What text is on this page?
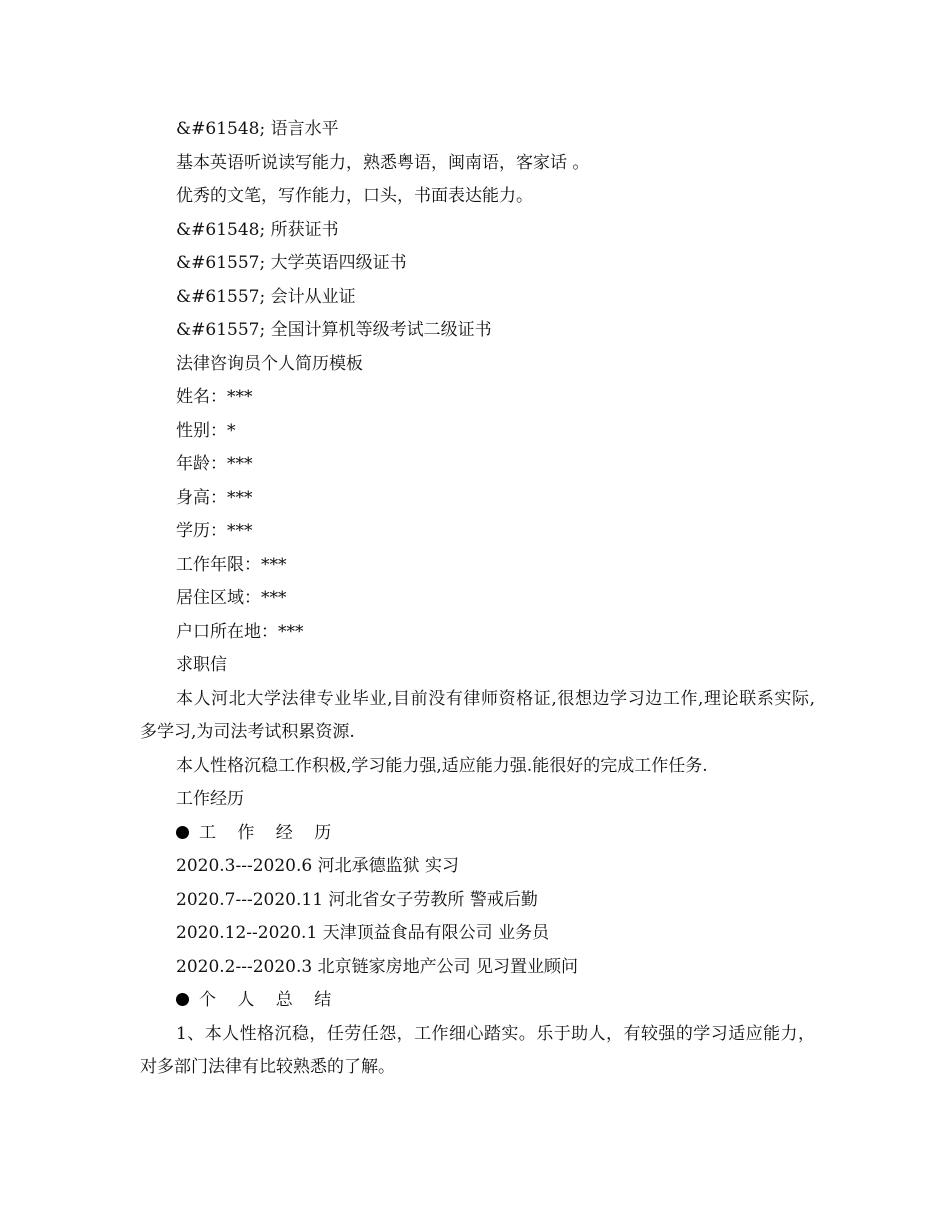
&#61548; 语言水平
基本英语听说读写能力，熟悉粤语，闽南语，客家话 。
优秀的文笔，写作能力，口头，书面表达能力。
&#61548; 所获证书
&#61557; 大学英语四级证书
&#61557; 会计从业证
&#61557; 全国计算机等级考试二级证书
法律咨询员个人简历模板
姓名：***
性别：*
年龄：***
身高：***
学历：***
工作年限：***
居住区域：***
户口所在地：***
求职信
本人河北大学法律专业毕业,目前没有律师资格证,很想边学习边工作,理论联系实际, 多学习,为司法考试积累资源.
本人性格沉稳工作积极,学习能力强,适应能力强.能很好的完成工作任务.
工作经历
工 作 经 历
2020.3---2020.6 河北承德监狱 实习
2020.7---2020.11 河北省女子劳教所 警戒后勤
2020.12--2020.1 天津顶益食品有限公司 业务员
2020.2---2020.3 北京链家房地产公司 见习置业顾问
个 人 总 结
1、本人性格沉稳，任劳任怨，工作细心踏实。乐于助人，有较强的学习适应能力，对多部门法律有比较熟悉的了解。
